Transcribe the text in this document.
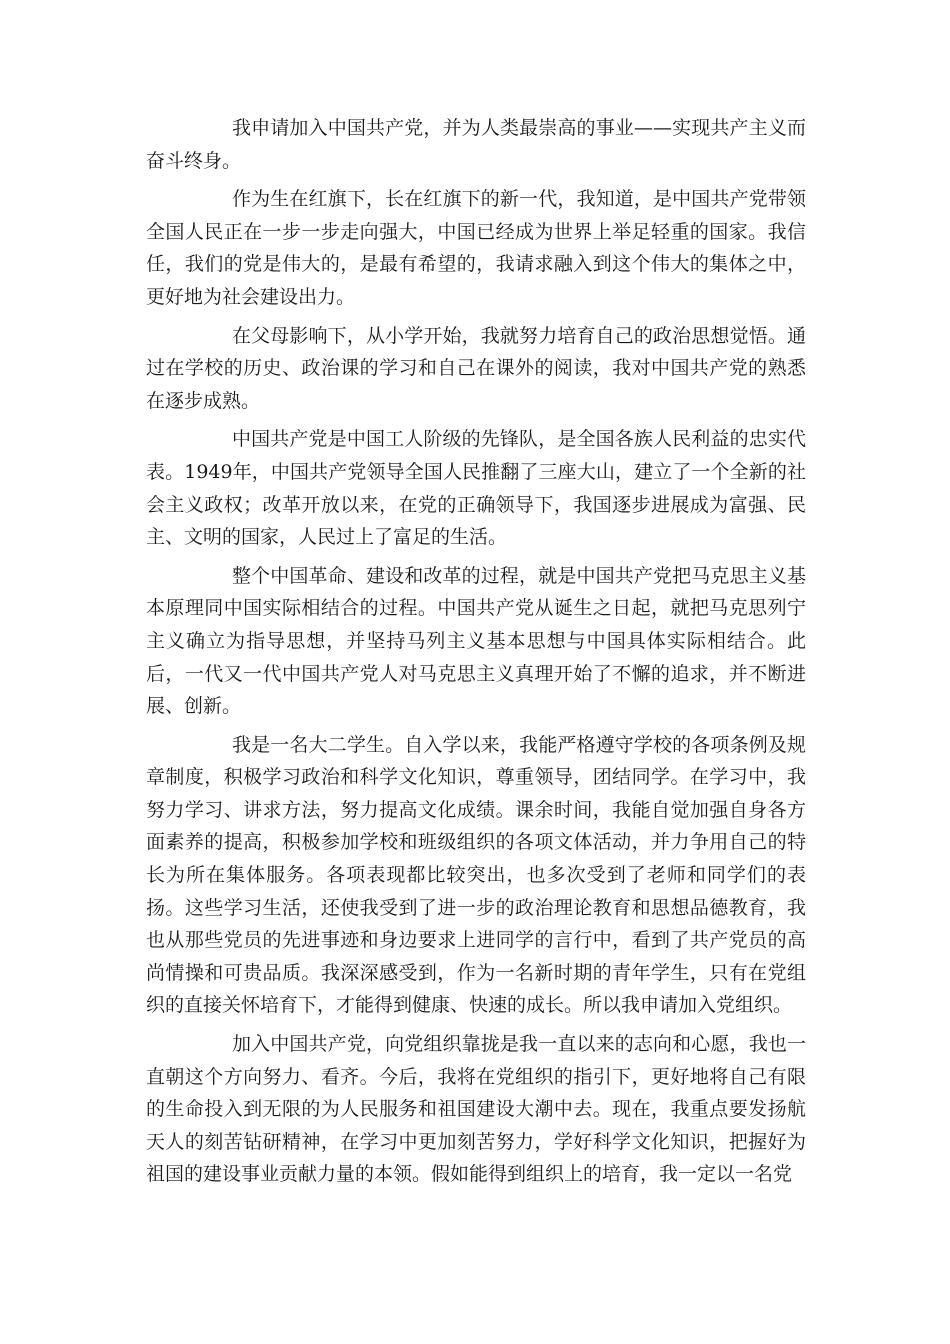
我申请加入中国共产党，并为人类最崇高的事业——实现共产主义而奋斗终身。

作为生在红旗下，长在红旗下的新一代，我知道，是中国共产党带领全国人民正在一步一步走向强大，中国已经成为世界上举足轻重的国家。我信任，我们的党是伟大的，是最有希望的，我请求融入到这个伟大的集体之中，更好地为社会建设出力。

在父母影响下，从小学开始，我就努力培育自己的政治思想觉悟。通过在学校的历史、政治课的学习和自己在课外的阅读，我对中国共产党的熟悉在逐步成熟。

中国共产党是中国工人阶级的先锋队，是全国各族人民利益的忠实代表。1949年，中国共产党领导全国人民推翻了三座大山，建立了一个全新的社会主义政权；改革开放以来，在党的正确领导下，我国逐步进展成为富强、民主、文明的国家，人民过上了富足的生活。

整个中国革命、建设和改革的过程，就是中国共产党把马克思主义基本原理同中国实际相结合的过程。中国共产党从诞生之日起，就把马克思列宁主义确立为指导思想，并坚持马列主义基本思想与中国具体实际相结合。此后，一代又一代中国共产党人对马克思主义真理开始了不懈的追求，并不断进展、创新。

我是一名大二学生。自入学以来，我能严格遵守学校的各项条例及规章制度，积极学习政治和科学文化知识，尊重领导，团结同学。在学习中，我努力学习、讲求方法，努力提高文化成绩。课余时间，我能自觉加强自身各方面素养的提高，积极参加学校和班级组织的各项文体活动，并力争用自己的特长为所在集体服务。各项表现都比较突出，也多次受到了老师和同学们的表扬。这些学习生活，还使我受到了进一步的政治理论教育和思想品德教育，我也从那些党员的先进事迹和身边要求上进同学的言行中，看到了共产党员的高尚情操和可贵品质。我深深感受到，作为一名新时期的青年学生，只有在党组织的直接关怀培育下，才能得到健康、快速的成长。所以我申请加入党组织。

加入中国共产党，向党组织靠拢是我一直以来的志向和心愿，我也一直朝这个方向努力、看齐。今后，我将在党组织的指引下，更好地将自己有限的生命投入到无限的为人民服务和祖国建设大潮中去。现在，我重点要发扬航天人的刻苦钻研精神，在学习中更加刻苦努力，学好科学文化知识，把握好为祖国的建设事业贡献力量的本领。假如能得到组织上的培育，我一定以一名党
